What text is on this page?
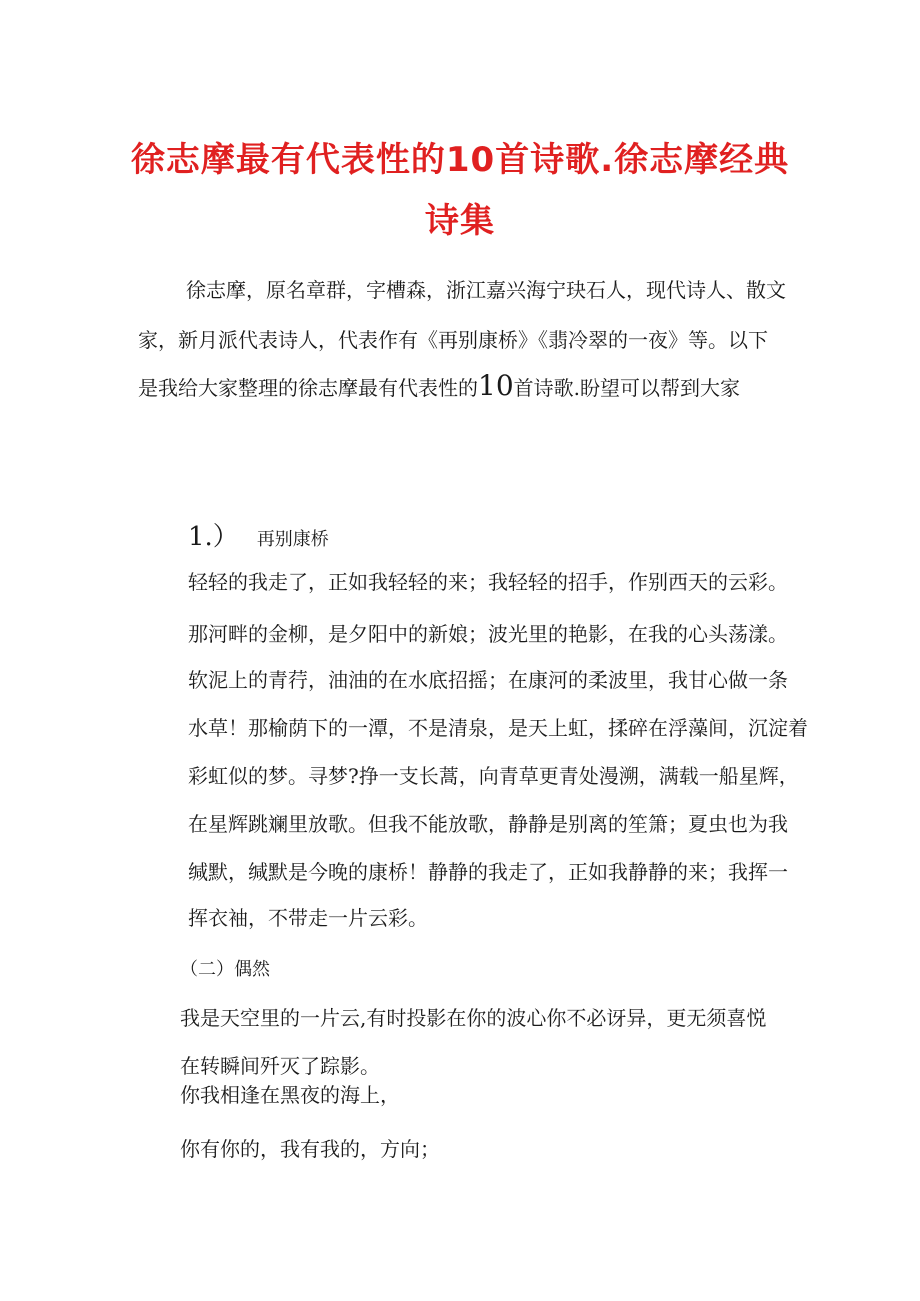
徐志摩最有代表性的10首诗歌.徐志摩经典
诗集

徐志摩，原名章群，字槽森，浙江嘉兴海宁玦石人，现代诗人、散文

家，新月派代表诗人，代表作有《再别康桥》《翡冷翠的一夜》等。以下

是我给大家整理的徐志摩最有代表性的10首诗歌.盼望可以帮到大家

1.） 再别康桥

轻轻的我走了，正如我轻轻的来；我轻轻的招手，作别西天的云彩。

那河畔的金柳，是夕阳中的新娘；波光里的艳影，在我的心头荡漾。

软泥上的青荇，油油的在水底招摇；在康河的柔波里，我甘心做一条

水草！那榆荫下的一潭，不是清泉，是天上虹，揉碎在浮藻间，沉淀着

彩虹似的梦。寻梦?挣一支长蒿，向青草更青处漫溯，满载一船星辉，

在星辉跳斓里放歌。但我不能放歌，静静是别离的笙箫；夏虫也为我

缄默，缄默是今晚的康桥！静静的我走了，正如我静静的来；我挥一

挥衣袖，不带走一片云彩。

（二）偶然

我是天空里的一片云,有时投影在你的波心你不必讶异，更无须喜悦

在转瞬间歼灭了踪影。

你我相逢在黑夜的海上，

你有你的，我有我的，方向；
